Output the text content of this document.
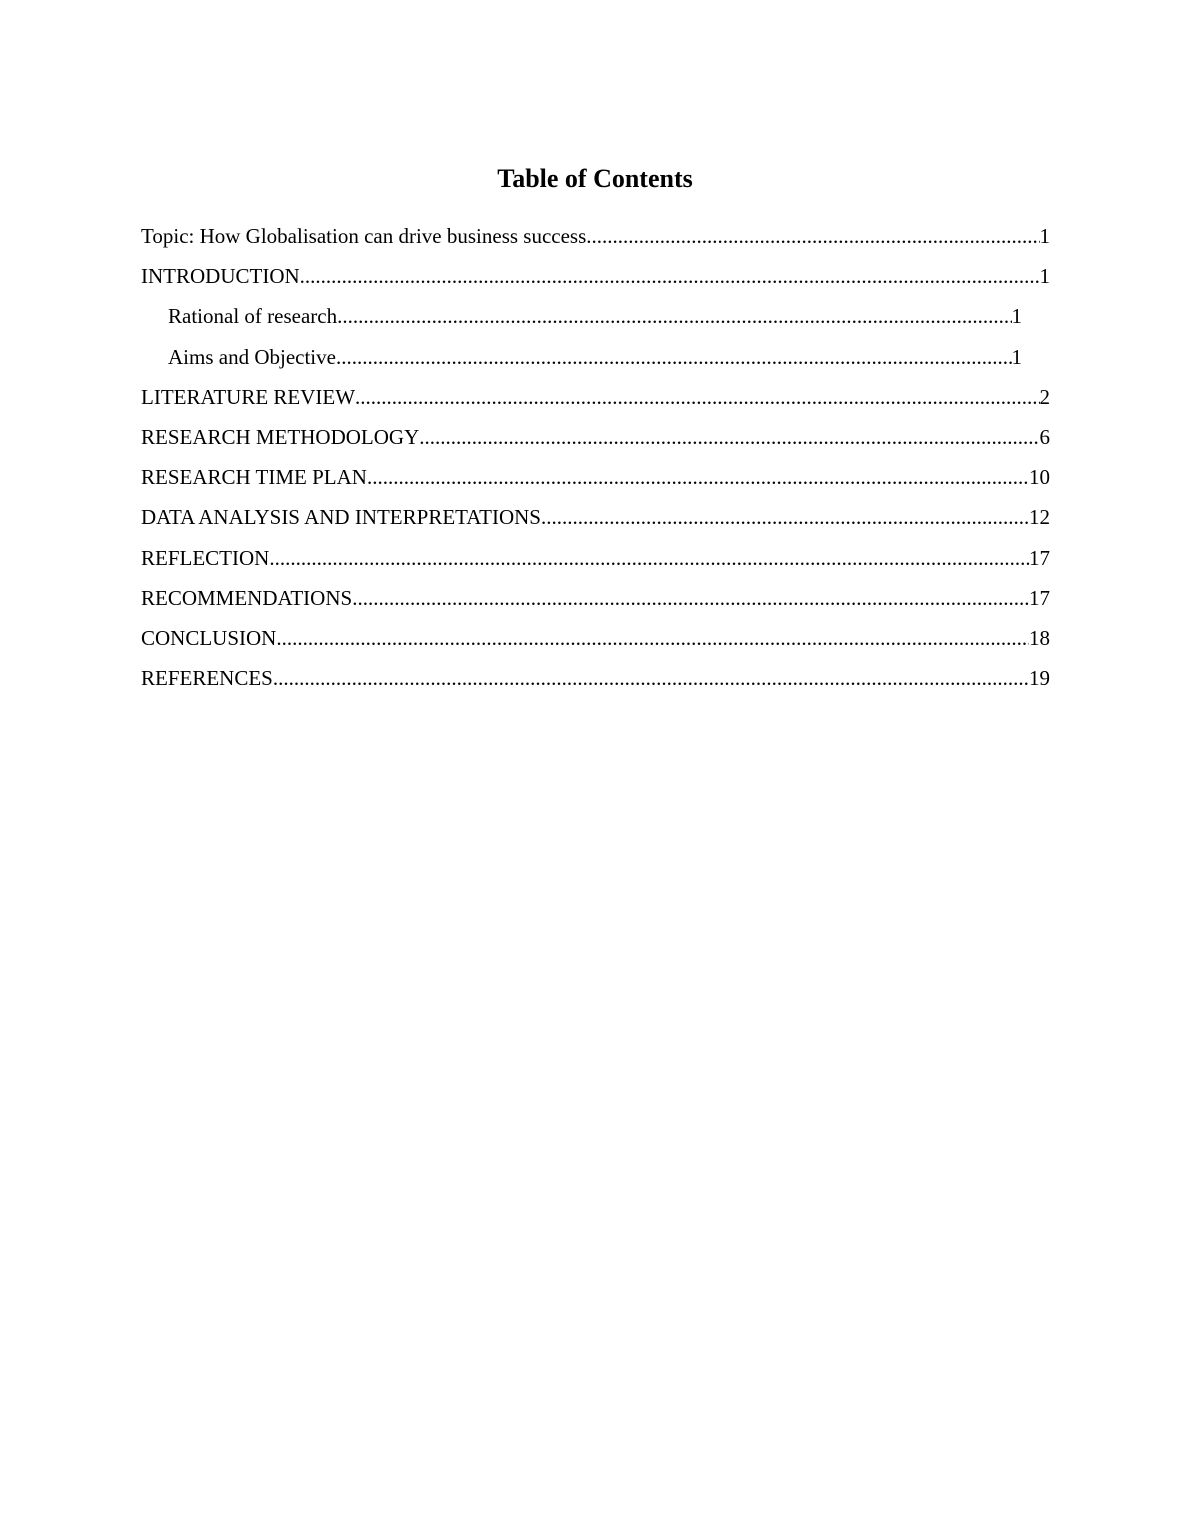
Table of Contents
Topic: How Globalisation can drive business success. .....	1
INTRODUCTION .....	1
Rational of research .....	1
Aims and Objective .....	1
LITERATURE REVIEW .....	2
RESEARCH METHODOLOGY .....	6
RESEARCH TIME PLAN .....	10
DATA ANALYSIS AND INTERPRETATIONS .....	12
REFLECTION .....	17
RECOMMENDATIONS .....	17
CONCLUSION .....	18
REFERENCES .....	19
